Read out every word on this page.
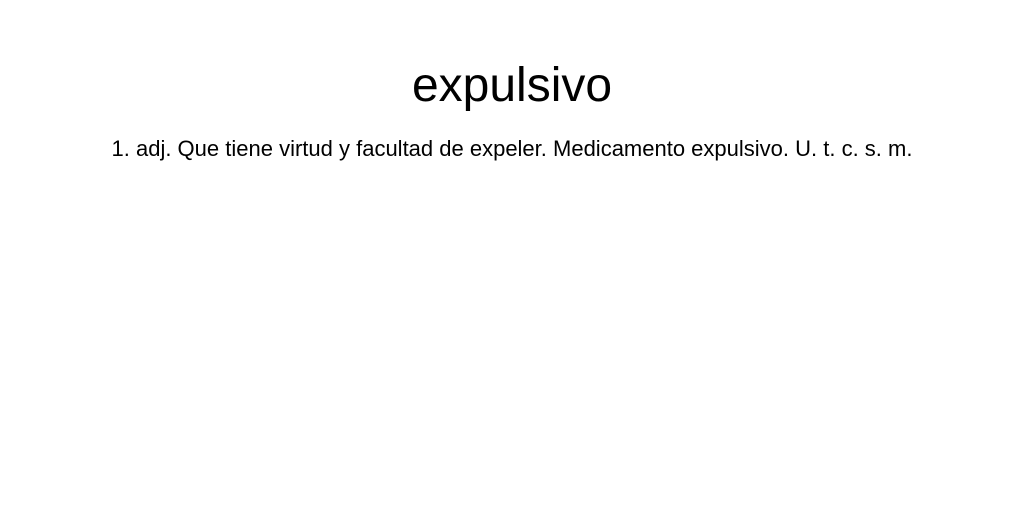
expulsivo

1. adj. Que tiene virtud y facultad de expeler. Medicamento expulsivo. U. t. c. s. m.
